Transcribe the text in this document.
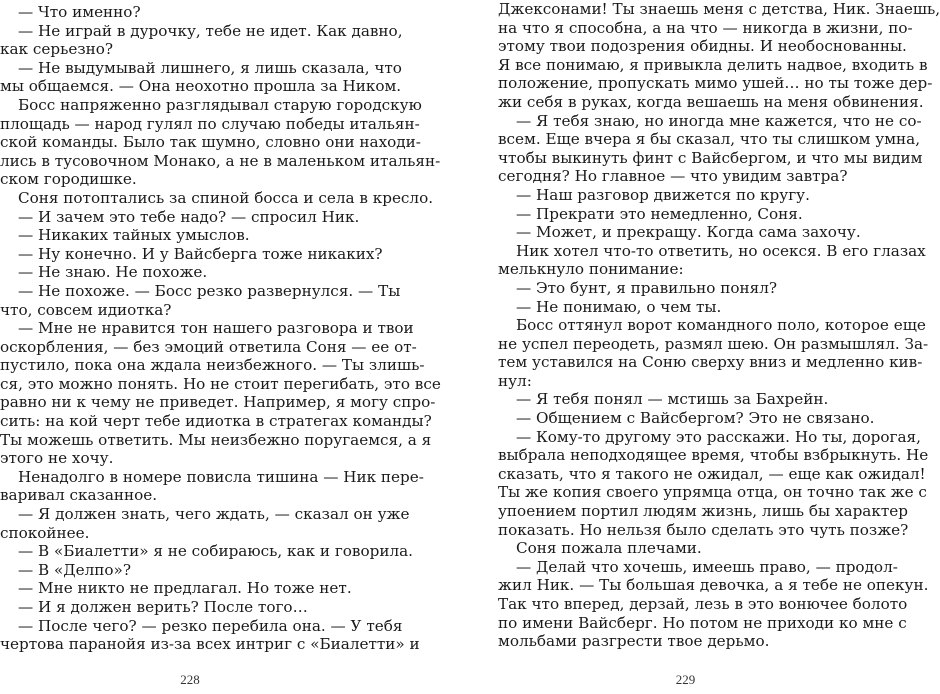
— Что именно?
— Не играй в дурочку, тебе не идет. Как давно,
как серьезно?
— Не выдумывай лишнего, я лишь сказала, что
мы общаемся. — Она неохотно прошла за Ником.
Босс напряженно разглядывал старую городскую
площадь — народ гулял по случаю победы итальян-
ской команды. Было так шумно, словно они находи-
лись в тусовочном Монако, а не в маленьком итальян-
ском городишке.
Соня потоптались за спиной босса и села в кресло.
— И зачем это тебе надо? — спросил Ник.
— Никаких тайных умыслов.
— Ну конечно. И у Вайсберга тоже никаких?
— Не знаю. Не похоже.
— Не похоже. — Босс резко развернулся. — Ты
что, совсем идиотка?
— Мне не нравится тон нашего разговора и твои
оскорбления, — без эмоций ответила Соня — ее от-
пустило, пока она ждала неизбежного. — Ты злишь-
ся, это можно понять. Но не стоит перегибать, это все
равно ни к чему не приведет. Например, я могу спро-
сить: на кой черт тебе идиотка в стратегах команды?
Ты можешь ответить. Мы неизбежно поругаемся, а я
этого не хочу.
Ненадолго в номере повисла тишина — Ник пере-
варивал сказанное.
— Я должен знать, чего ждать, — сказал он уже
спокойнее.
— В «Биалетти» я не собираюсь, как и говорила.
— В «Делпо»?
— Мне никто не предлагал. Но тоже нет.
— И я должен верить? После того…
— После чего? — резко перебила она. — У тебя
чертова паранойя из-за всех интриг с «Биалетти» и
228
Джексонами! Ты знаешь меня с детства, Ник. Знаешь,
на что я способна, а на что — никогда в жизни, по-
этому твои подозрения обидны. И необоснованны.
Я все понимаю, я привыкла делить надвое, входить в
положение, пропускать мимо ушей… но ты тоже дер-
жи себя в руках, когда вешаешь на меня обвинения.
— Я тебя знаю, но иногда мне кажется, что не со-
всем. Еще вчера я бы сказал, что ты слишком умна,
чтобы выкинуть финт с Вайсбергом, и что мы видим
сегодня? Но главное — что увидим завтра?
— Наш разговор движется по кругу.
— Прекрати это немедленно, Соня.
— Может, и прекращу. Когда сама захочу.
Ник хотел что-то ответить, но осекся. В его глазах
мелькнуло понимание:
— Это бунт, я правильно понял?
— Не понимаю, о чем ты.
Босс оттянул ворот командного поло, которое еще
не успел переодеть, размял шею. Он размышлял. За-
тем уставился на Соню сверху вниз и медленно кив-
нул:
— Я тебя понял — мстишь за Бахрейн.
— Общением с Вайсбергом? Это не связано.
— Кому-то другому это расскажи. Но ты, дорогая,
выбрала неподходящее время, чтобы взбрыкнуть. Не
сказать, что я такого не ожидал, — еще как ожидал!
Ты же копия своего упрямца отца, он точно так же с
упоением портил людям жизнь, лишь бы характер
показать. Но нельзя было сделать это чуть позже?
Соня пожала плечами.
— Делай что хочешь, имеешь право, — продол-
жил Ник. — Ты большая девочка, а я тебе не опекун.
Так что вперед, дерзай, лезь в это вонючее болото
по имени Вайсберг. Но потом не приходи ко мне с
мольбами разгрести твое дерьмо.
229
